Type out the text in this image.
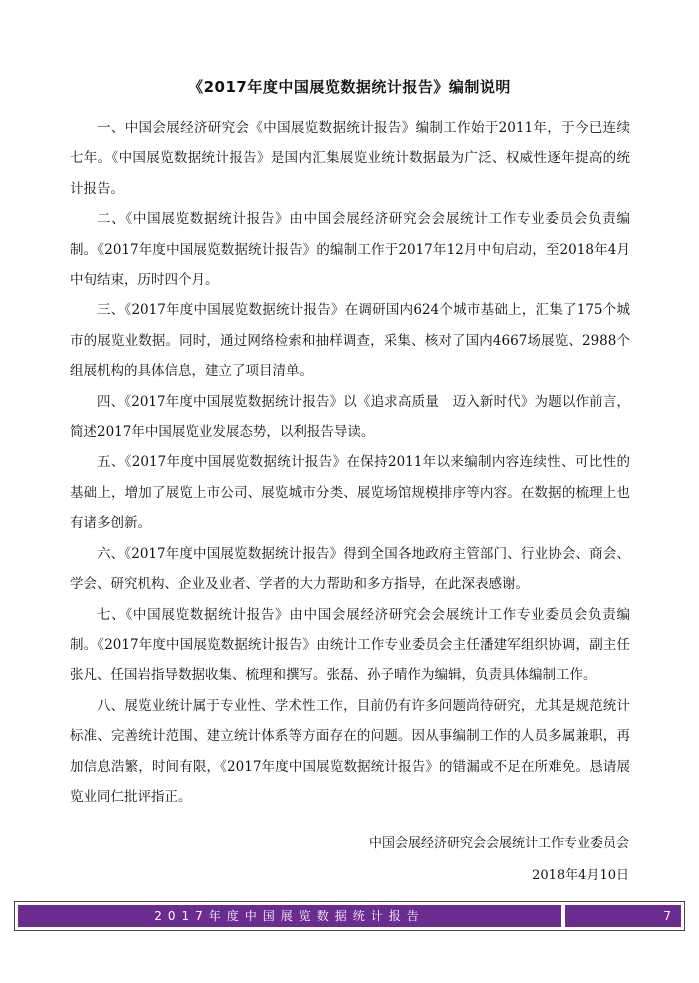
《2017年度中国展览数据统计报告》编制说明

一、中国会展经济研究会《中国展览数据统计报告》编制工作始于2011年，于今已连续七年。《中国展览数据统计报告》是国内汇集展览业统计数据最为广泛、权威性逐年提高的统计报告。

二、《中国展览数据统计报告》由中国会展经济研究会会展统计工作专业委员会负责编制。《2017年度中国展览数据统计报告》的编制工作于2017年12月中旬启动，至2018年4月中旬结束，历时四个月。

三、《2017年度中国展览数据统计报告》在调研国内624个城市基础上，汇集了175个城市的展览业数据。同时，通过网络检索和抽样调查，采集、核对了国内4667场展览、2988个组展机构的具体信息，建立了项目清单。

四、《2017年度中国展览数据统计报告》以《追求高质量　迈入新时代》为题以作前言，简述2017年中国展览业发展态势，以利报告导读。

五、《2017年度中国展览数据统计报告》在保持2011年以来编制内容连续性、可比性的基础上，增加了展览上市公司、展览城市分类、展览场馆规模排序等内容。在数据的梳理上也有诸多创新。

六、《2017年度中国展览数据统计报告》得到全国各地政府主管部门、行业协会、商会、学会、研究机构、企业及业者、学者的大力帮助和多方指导，在此深表感谢。

七、《中国展览数据统计报告》由中国会展经济研究会会展统计工作专业委员会负责编制。《2017年度中国展览数据统计报告》由统计工作专业委员会主任潘建军组织协调，副主任张凡、任国岩指导数据收集、梳理和撰写。张磊、孙子晴作为编辑，负责具体编制工作。

八、展览业统计属于专业性、学术性工作，目前仍有许多问题尚待研究，尤其是规范统计标准、完善统计范围、建立统计体系等方面存在的问题。因从事编制工作的人员多属兼职，再加信息浩繁，时间有限，《2017年度中国展览数据统计报告》的错漏或不足在所难免。恳请展览业同仁批评指正。

中国会展经济研究会会展统计工作专业委员会
2018年4月10日
2017年度中国展览数据统计报告	7
